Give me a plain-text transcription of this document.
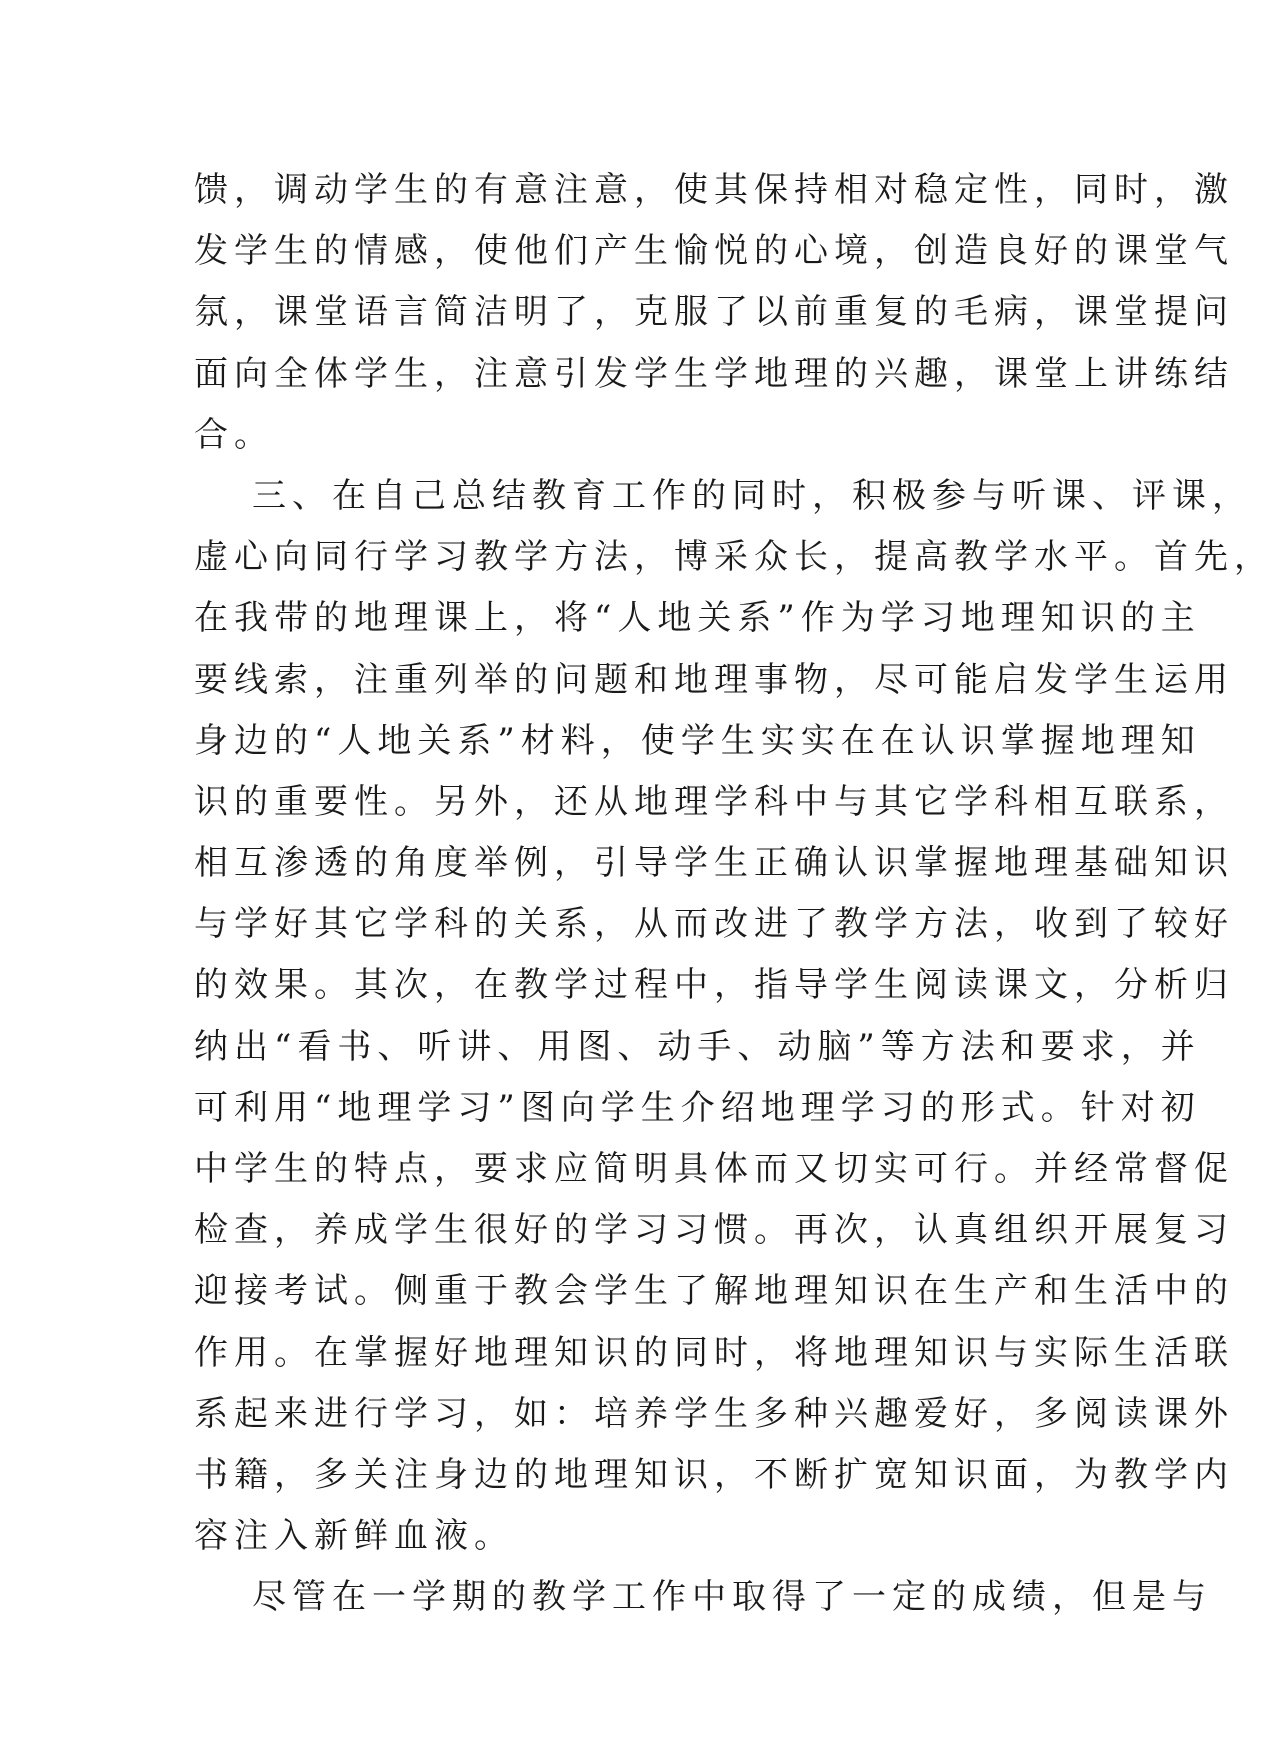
馈，调动学生的有意注意，使其保持相对稳定性，同时，激
发学生的情感，使他们产生愉悦的心境，创造良好的课堂气
氛，课堂语言简洁明了，克服了以前重复的毛病，课堂提问
面向全体学生，注意引发学生学地理的兴趣，课堂上讲练结
合。
三、在自己总结教育工作的同时，积极参与听课、评课，
虚心向同行学习教学方法，博采众长，提高教学水平。首先，
在我带的地理课上，将“人地关系”作为学习地理知识的主
要线索，注重列举的问题和地理事物，尽可能启发学生运用
身边的“人地关系”材料，使学生实实在在认识掌握地理知
识的重要性。另外，还从地理学科中与其它学科相互联系，
相互渗透的角度举例，引导学生正确认识掌握地理基础知识
与学好其它学科的关系，从而改进了教学方法，收到了较好
的效果。其次，在教学过程中，指导学生阅读课文，分析归
纳出“看书、听讲、用图、动手、动脑”等方法和要求，并
可利用“地理学习”图向学生介绍地理学习的形式。针对初
中学生的特点，要求应简明具体而又切实可行。并经常督促
检查，养成学生很好的学习习惯。再次，认真组织开展复习
迎接考试。侧重于教会学生了解地理知识在生产和生活中的
作用。在掌握好地理知识的同时，将地理知识与实际生活联
系起来进行学习，如：培养学生多种兴趣爱好，多阅读课外
书籍，多关注身边的地理知识，不断扩宽知识面，为教学内
容注入新鲜血液。
尽管在一学期的教学工作中取得了一定的成绩，但是与
